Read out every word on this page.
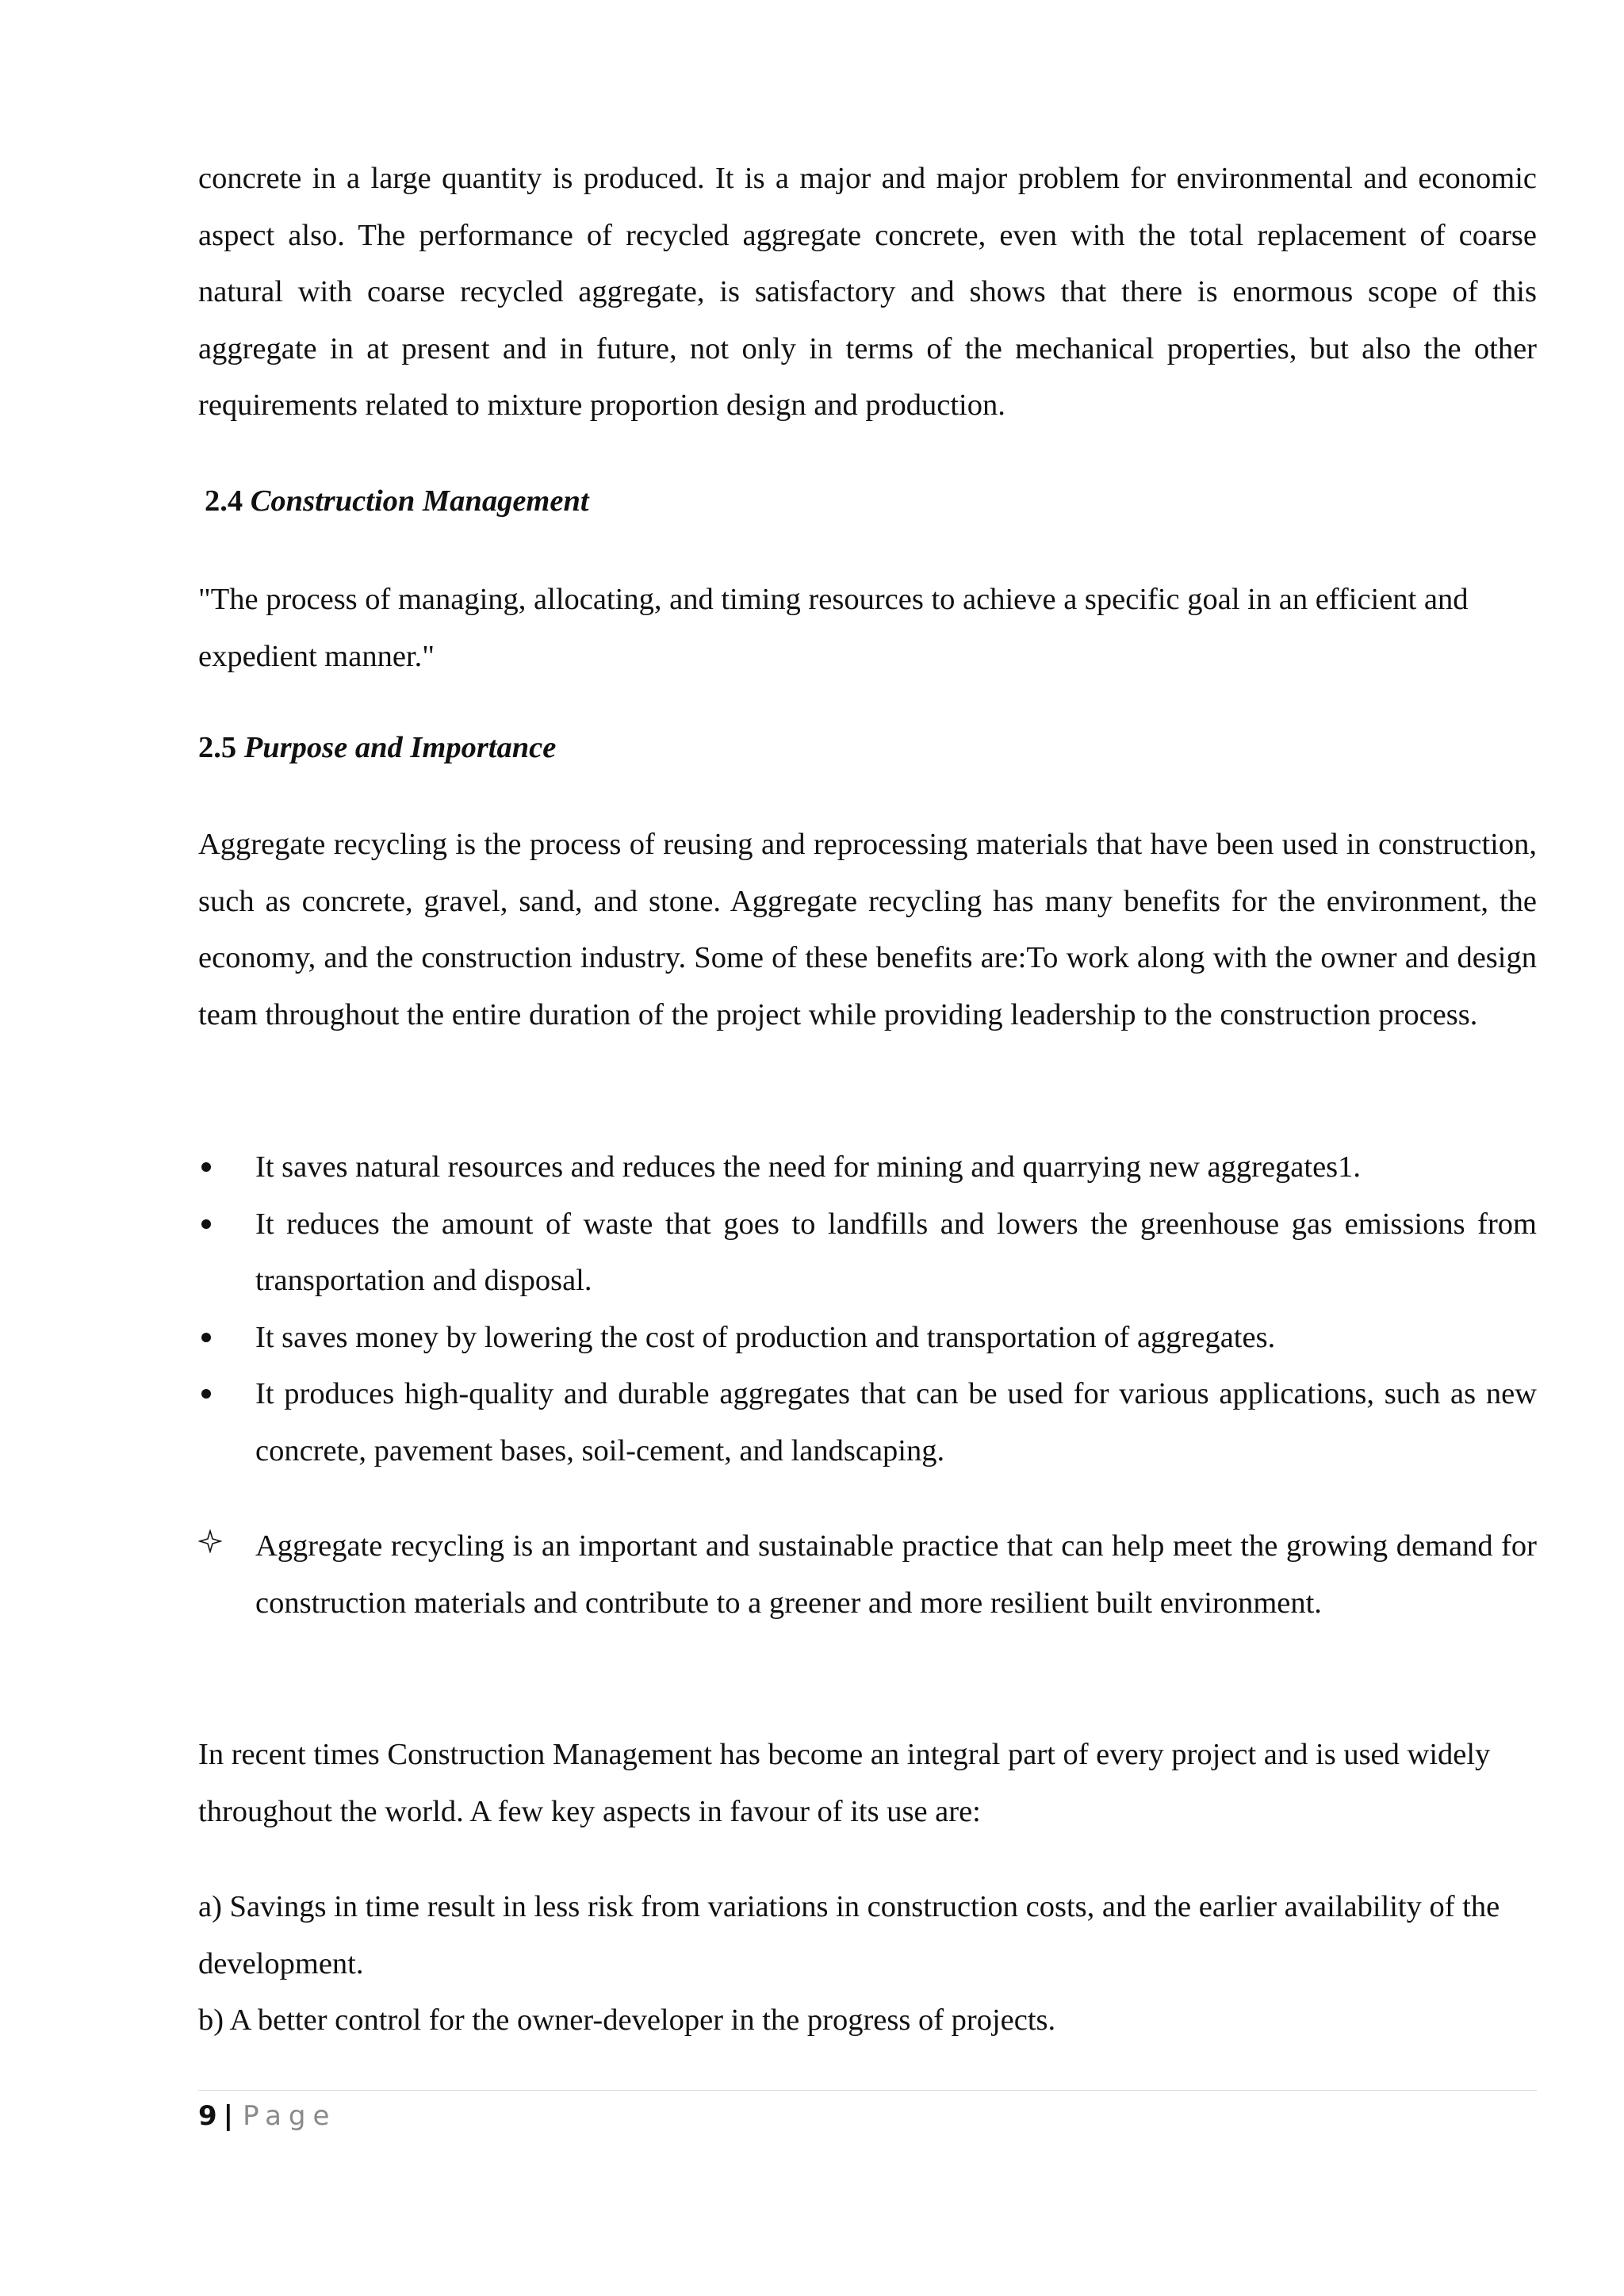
concrete in a large quantity is produced. It is a major and major problem for environmental and economic aspect also. The performance of recycled aggregate concrete, even with the total replacement of coarse natural with coarse recycled aggregate, is satisfactory and shows that there is enormous scope of this aggregate in at present and in future, not only in terms of the mechanical properties, but also the other requirements related to mixture proportion design and production.

2.4 Construction Management

"The process of managing, allocating, and timing resources to achieve a specific goal in an efficient and expedient manner."

2.5 Purpose and Importance

Aggregate recycling is the process of reusing and reprocessing materials that have been used in construction, such as concrete, gravel, sand, and stone. Aggregate recycling has many benefits for the environment, the economy, and the construction industry. Some of these benefits are:To work along with the owner and design team throughout the entire duration of the project while providing leadership to the construction process.

It saves natural resources and reduces the need for mining and quarrying new aggregates1.
It reduces the amount of waste that goes to landfills and lowers the greenhouse gas emissions from transportation and disposal.
It saves money by lowering the cost of production and transportation of aggregates.
It produces high-quality and durable aggregates that can be used for various applications, such as new concrete, pavement bases, soil-cement, and landscaping.
Aggregate recycling is an important and sustainable practice that can help meet the growing demand for construction materials and contribute to a greener and more resilient built environment.

In recent times Construction Management has become an integral part of every project and is used widely throughout the world. A few key aspects in favour of its use are:

a) Savings in time result in less risk from variations in construction costs, and the earlier availability of the development.

b) A better control for the owner-developer in the progress of projects.

9 | Page
